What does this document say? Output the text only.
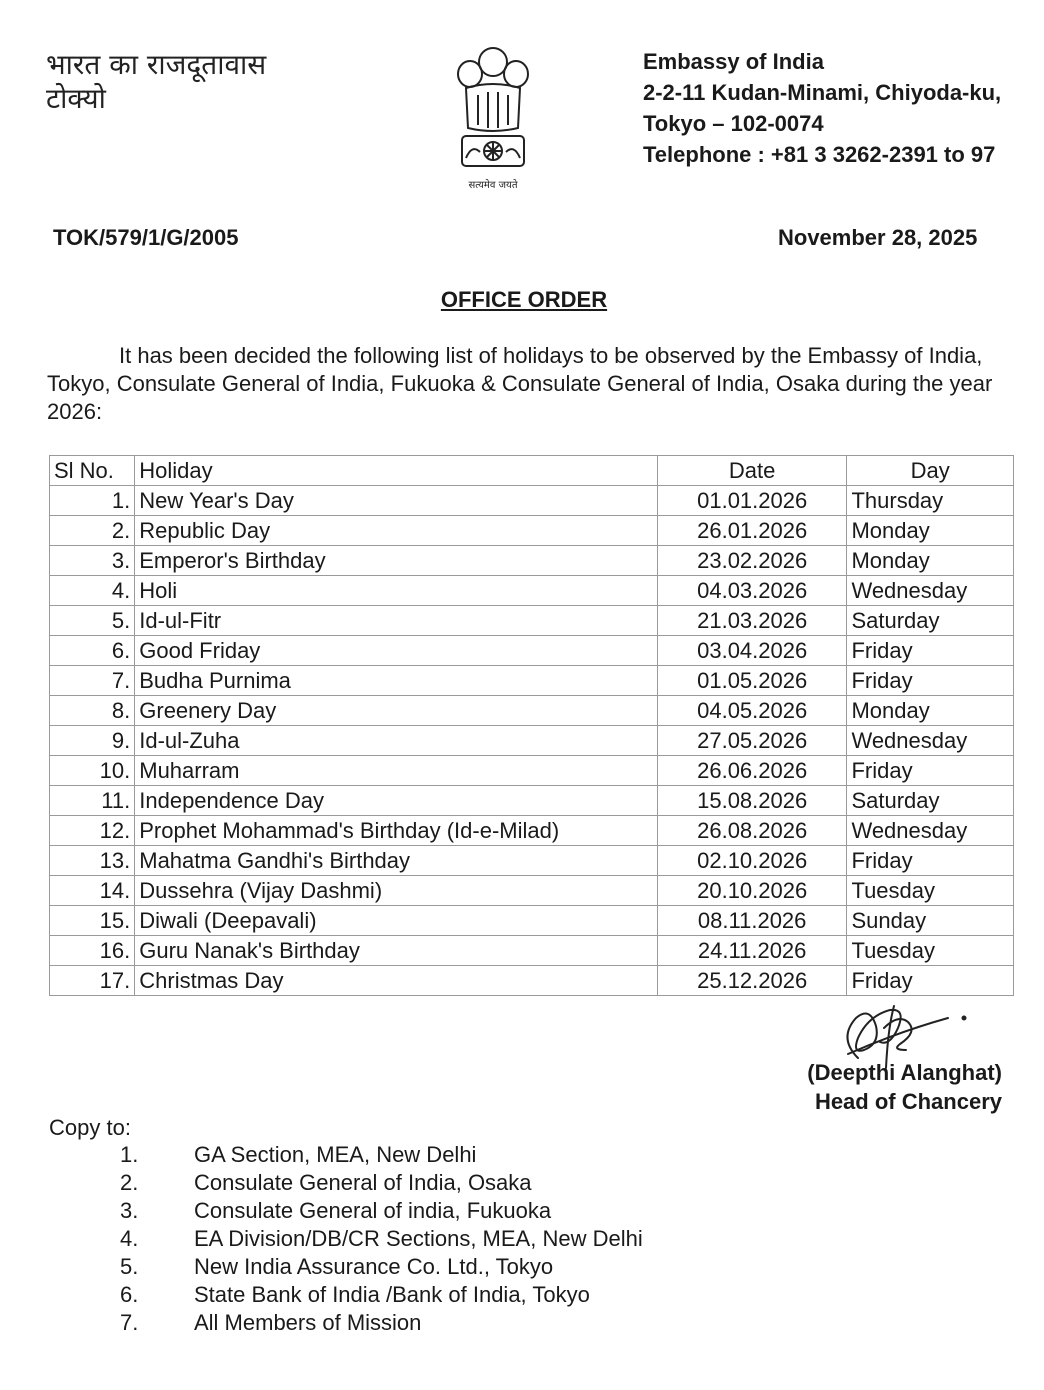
भारत का राजदूतावास
टोक्यो
सत्यमेव जयते
Embassy of India
2-2-11 Kudan-Minami, Chiyoda-ku,
Tokyo – 102-0074
Telephone : +81 3 3262-2391 to 97
TOK/579/1/G/2005	November 28, 2025
OFFICE ORDER

It has been decided the following list of holidays to be observed by the Embassy of India, Tokyo, Consulate General of India, Fukuoka & Consulate General of India, Osaka during the year 2026:

Sl No.	Holiday	Date	Day
1.	New Year's Day	01.01.2026	Thursday
2.	Republic Day	26.01.2026	Monday
3.	Emperor's Birthday	23.02.2026	Monday
4.	Holi	04.03.2026	Wednesday
5.	Id-ul-Fitr	21.03.2026	Saturday
6.	Good Friday	03.04.2026	Friday
7.	Budha Purnima	01.05.2026	Friday
8.	Greenery Day	04.05.2026	Monday
9.	Id-ul-Zuha	27.05.2026	Wednesday
10.	Muharram	26.06.2026	Friday
11.	Independence Day	15.08.2026	Saturday
12.	Prophet Mohammad's Birthday (Id-e-Milad)	26.08.2026	Wednesday
13.	Mahatma Gandhi's Birthday	02.10.2026	Friday
14.	Dussehra (Vijay Dashmi)	20.10.2026	Tuesday
15.	Diwali (Deepavali)	08.11.2026	Sunday
16.	Guru Nanak's Birthday	24.11.2026	Tuesday
17.	Christmas Day	25.12.2026	Friday
(Deepthi Alanghat)
Head of Chancery
Copy to:
1.	GA Section, MEA, New Delhi
2.	Consulate General of India, Osaka
3.	Consulate General of india, Fukuoka
4.	EA Division/DB/CR Sections, MEA, New Delhi
5.	New India Assurance Co. Ltd., Tokyo
6.	State Bank of India /Bank of India, Tokyo
7.	All Members of Mission
